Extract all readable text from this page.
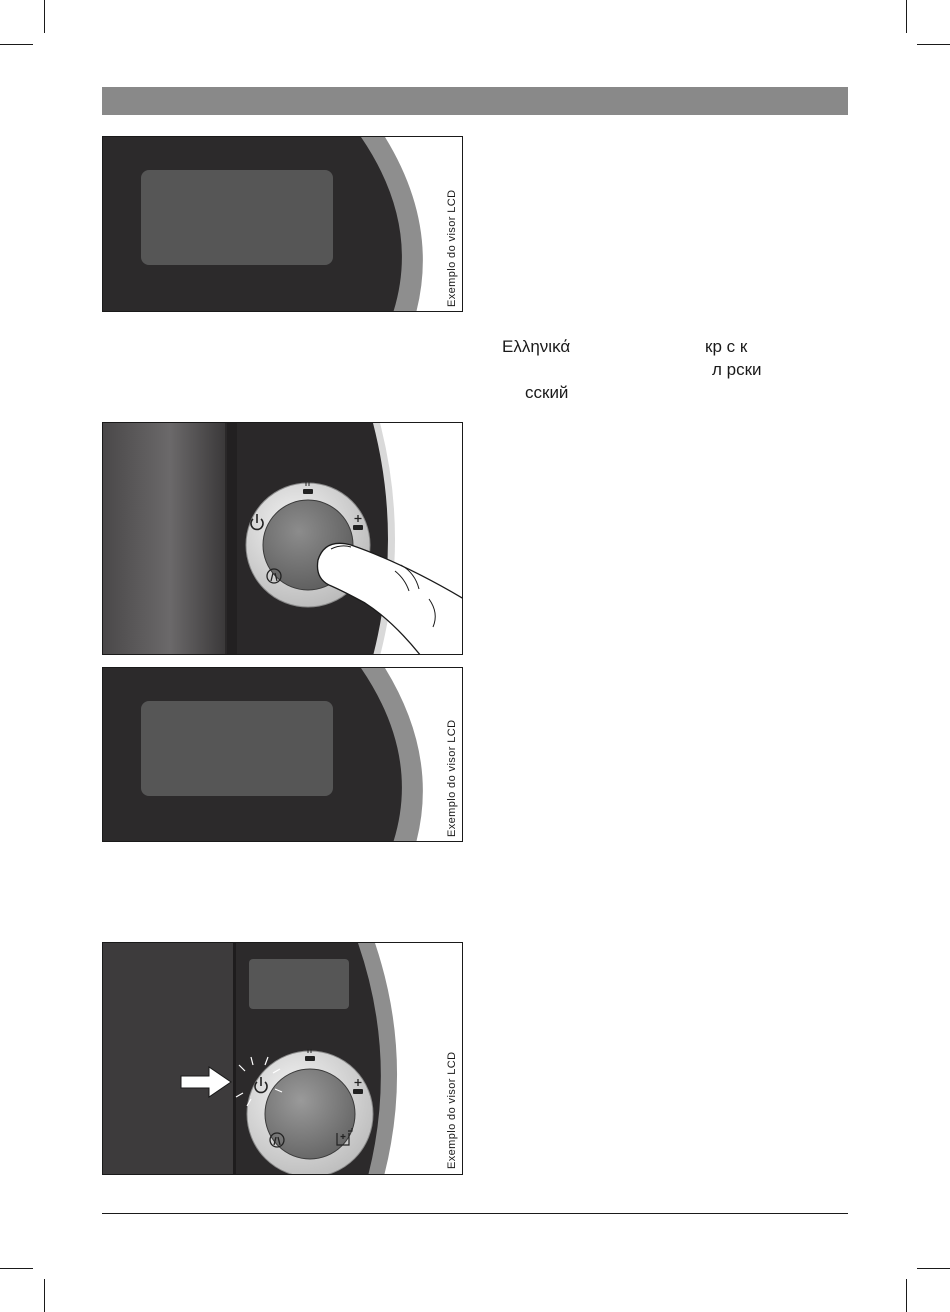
Exemplo do visor LCD
Ελληνικά	кр с к
л рски
сский
Exemplo do visor LCD
Exemplo do visor LCD
